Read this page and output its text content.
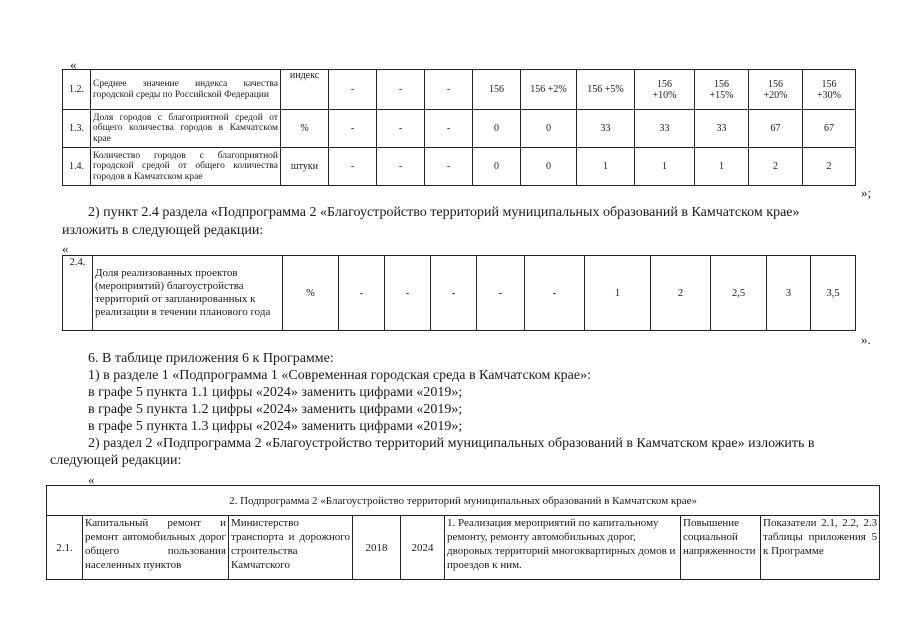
«
1.2.	Среднее значение индекса качества городской среды по Российской Федерации	индекс	-	-	-	156	156 +2%	156 +5%	156 +10%	156 +15%	156 +20%	156 +30%
1.3.	Доля городов с благоприятной средой от общего количества городов в Камчатском крае	%	-	-	-	0	0	33	33	33	67	67
1.4.	Количество городов с благоприятной городской средой от общего количества городов в Камчатском крае	штуки	-	-	-	0	0	1	1	1	2	2
»;
2) пункт 2.4 раздела «Подпрограмма 2 «Благоустройство территорий муниципальных образований в Камчатском крае»
изложить в следующей редакции:
«
2.4.	Доля реализованных проектов (мероприятий) благоустройства территорий от запланированных к реализации в течении планового года	%	-	-	-	-	-	1	2	2,5	3	3,5
».
6. В таблице приложения 6 к Программе:
1) в разделе 1 «Подпрограмма 1 «Современная городская среда в Камчатском крае»:
в графе 5 пункта 1.1 цифры «2024» заменить цифрами «2019»;
в графе 5 пункта 1.2 цифры «2024» заменить цифрами «2019»;
в графе 5 пункта 1.3 цифры «2024» заменить цифрами «2019»;
2) раздел 2 «Подпрограмма 2 «Благоустройство территорий муниципальных образований в Камчатском крае» изложить в
следующей редакции:
«
2. Подпрограмма 2 «Благоустройство территорий муниципальных образований в Камчатском крае»
2.1.	Капитальный ремонт и ремонт автомобильных дорог общего пользования населенных пунктов	Министерство транспорта и дорожного строительства Камчатского	2018	2024	1. Реализация мероприятий по капитальному ремонту, ремонту автомобильных дорог, дворовых территорий многоквартирных домов и проездов к ним.	Повышение социальной напряженности	Показатели 2.1, 2.2, 2.3 таблицы приложения 5 к Программе
